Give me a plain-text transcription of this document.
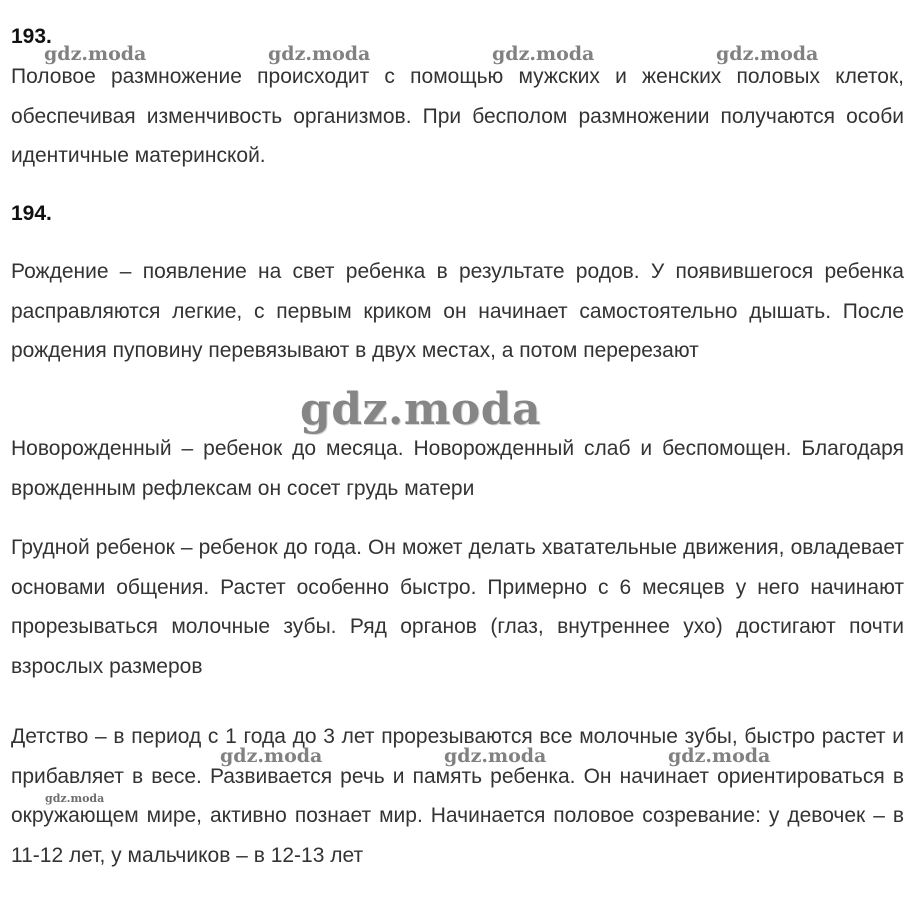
193.

Половое размножение происходит с помощью мужских и женских половых клеток, обеспечивая изменчивость организмов. При бесполом размножении получаются особи идентичные материнской.

194.

Рождение – появление на свет ребенка в результате родов. У появившегося ребенка расправляются легкие, с первым криком он начинает самостоятельно дышать. После рождения пуповину перевязывают в двух местах, а потом перерезают

Новорожденный – ребенок до месяца. Новорожденный слаб и беспомощен. Благодаря врожденным рефлексам он сосет грудь матери

Грудной ребенок – ребенок до года. Он может делать хватательные движения, овладевает основами общения. Растет особенно быстро. Примерно с 6 месяцев у него начинают прорезываться молочные зубы. Ряд органов (глаз, внутреннее ухо) достигают почти взрослых размеров

Детство – в период с 1 года до 3 лет прорезываются все молочные зубы, быстро растет и прибавляет в весе. Развивается речь и память ребенка. Он начинает ориентироваться в окружающем мире, активно познает мир. Начинается половое созревание: у девочек – в 11-12 лет, у мальчиков – в 12-13 лет

gdz.moda	gdz.moda	gdz.moda	gdz.moda
gdz.moda
gdz.moda	gdz.moda	gdz.moda
gdz.moda
